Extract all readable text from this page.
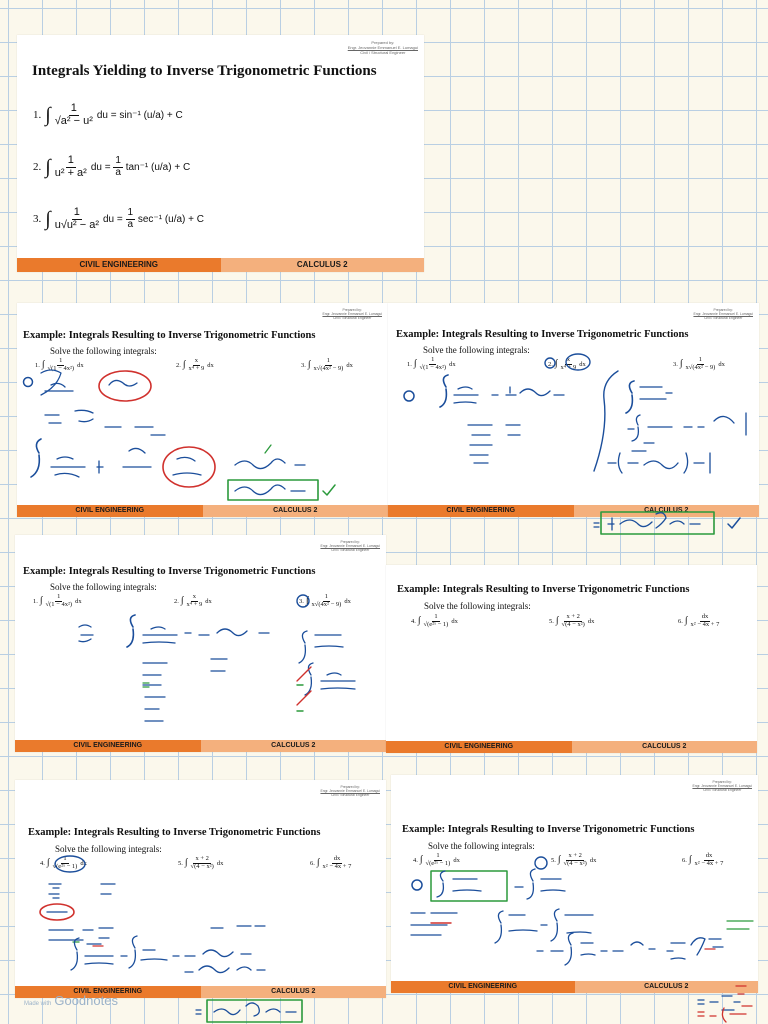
Prepared by:
Engr. Jeovannie Emmanuel E. Lumagui
Civil / Structural Engineer
Integrals Yielding to Inverse Trigonometric Functions
1. ∫ $\frac{1}{\text{√a² − u²}}$ du = sin⁻¹ (u/a) + C
2. ∫ $\frac{1}{\text{u² + a²}}$ du = $\frac{1}{a} \tan^{-1}$ (u/a) + C
3. ∫ $\frac{1}{\text{u√u² − a²}}$ du = $\frac{1}{a} \sec^{-1}$ (u/a) + C
CIVIL ENGINEERING	CALCULUS 2
Prepared by:
Engr. Jeovannie Emmanuel E. Lumagui
Civil / Structural Engineer
Example: Integrals Resulting to Inverse Trigonometric Functions
Solve the following integrals:
1. ∫ $\frac{1}{\text{√(1 − 4x²)}}$ dx	2. ∫ $\frac{x}{\text{x⁴ + 9}}$ dx	3. ∫ $\frac{1}{\text{x√(4x² − 9)}}$ dx
CIVIL ENGINEERING	CALCULUS 2
Prepared by:
Engr. Jeovannie Emmanuel E. Lumagui
Civil / Structural Engineer
Example: Integrals Resulting to Inverse Trigonometric Functions
Solve the following integrals:
1. ∫ $\frac{1}{\text{√(1 − 4x²)}}$ dx	2. ∫ $\frac{x}{\text{x⁴ + 9}}$ dx	3. ∫ $\frac{1}{\text{x√(4x² − 9)}}$ dx
CIVIL ENGINEERING	CALCULUS 2
Prepared by:
Engr. Jeovannie Emmanuel E. Lumagui
Civil / Structural Engineer
Example: Integrals Resulting to Inverse Trigonometric Functions
Solve the following integrals:
1. ∫ $\frac{1}{\text{√(1 − 4x²)}}$ dx	2. ∫ $\frac{x}{\text{x⁴ + 9}}$ dx	3. ∫ $\frac{1}{\text{x√(4x² − 9)}}$ dx
CIVIL ENGINEERING	CALCULUS 2
Example: Integrals Resulting to Inverse Trigonometric Functions
Solve the following integrals:
4. ∫ $\frac{1}{\text{√(e²ˣ − 1)}}$ dx	5. ∫ $\frac{x + 2}{\text{√(4 − x²)}}$ dx	6. ∫ $\frac{dx}{\text{x² − 4x + 7}}$
CIVIL ENGINEERING	CALCULUS 2
Prepared by:
Engr. Jeovannie Emmanuel E. Lumagui
Civil / Structural Engineer
Example: Integrals Resulting to Inverse Trigonometric Functions
Solve the following integrals:
4. ∫ $\frac{1}{\text{√(e²ˣ − 1)}}$ dx	5. ∫ $\frac{x + 2}{\text{√(4 − x²)}}$ dx	6. ∫ $\frac{dx}{\text{x² − 4x + 7}}$
CIVIL ENGINEERING	CALCULUS 2
Prepared by:
Engr. Jeovannie Emmanuel E. Lumagui
Civil / Structural Engineer
Example: Integrals Resulting to Inverse Trigonometric Functions
Solve the following integrals:
4. ∫ $\frac{1}{\text{√(e²ˣ − 1)}}$ dx	5. ∫ $\frac{x + 2}{\text{√(4 − x²)}}$ dx	6. ∫ $\frac{dx}{\text{x² − 4x + 7}}$
CIVIL ENGINEERING	CALCULUS 2
Made with Goodnotes
